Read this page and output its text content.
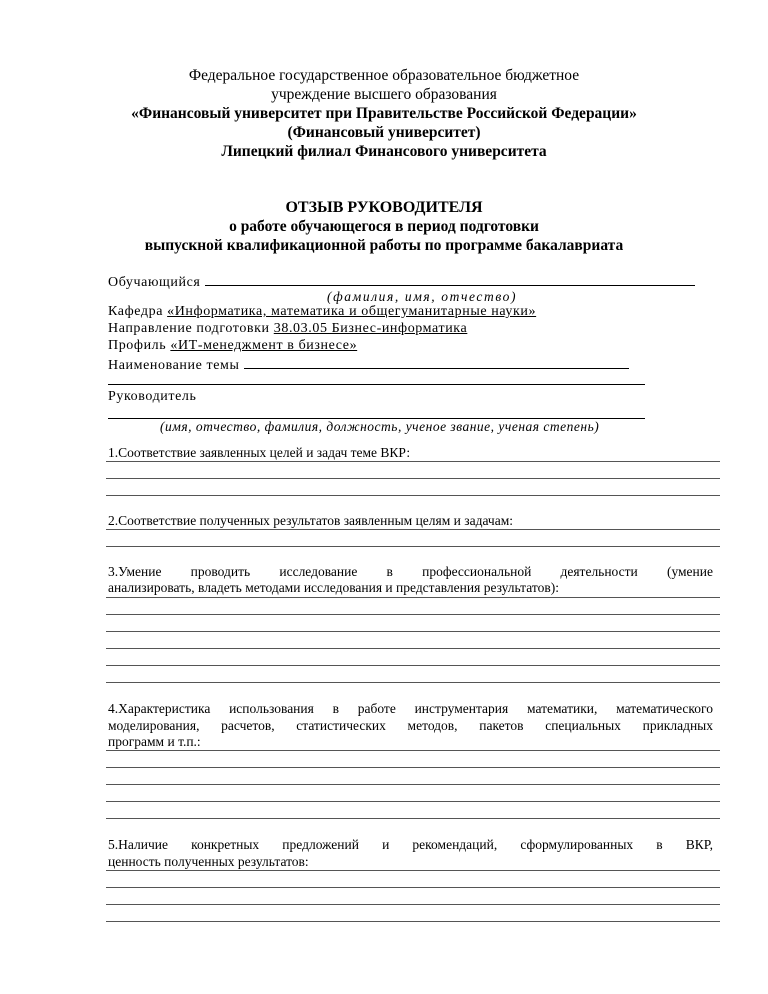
Федеральное государственное образовательное бюджетное
учреждение высшего образования
«Финансовый университет при Правительстве Российской Федерации»
(Финансовый университет)
Липецкий филиал Финансового университета
ОТЗЫВ РУКОВОДИТЕЛЯ
о работе обучающегося в период подготовки
выпускной квалификационной работы по программе бакалавриата
Обучающийся
(фамилия, имя, отчество)
Кафедра «Информатика, математика и общегуманитарные науки»
Направление подготовки 38.03.05 Бизнес-информатика
Профиль «ИТ-менеджмент в бизнесе»
Наименование темы
Руководитель
(имя, отчество, фамилия, должность, ученое звание, ученая степень)
1.Соответствие заявленных целей и задач теме ВКР:
2.Соответствие полученных результатов заявленным целям и задачам:
3.Умение проводить исследование в профессиональной деятельности (умение
анализировать, владеть методами исследования и представления результатов):
4.Характеристика использования в работе инструментария математики, математического
моделирования, расчетов, статистических методов, пакетов специальных прикладных
программ и т.п.:
5.Наличие конкретных предложений и рекомендаций, сформулированных в ВКР,
ценность полученных результатов:
